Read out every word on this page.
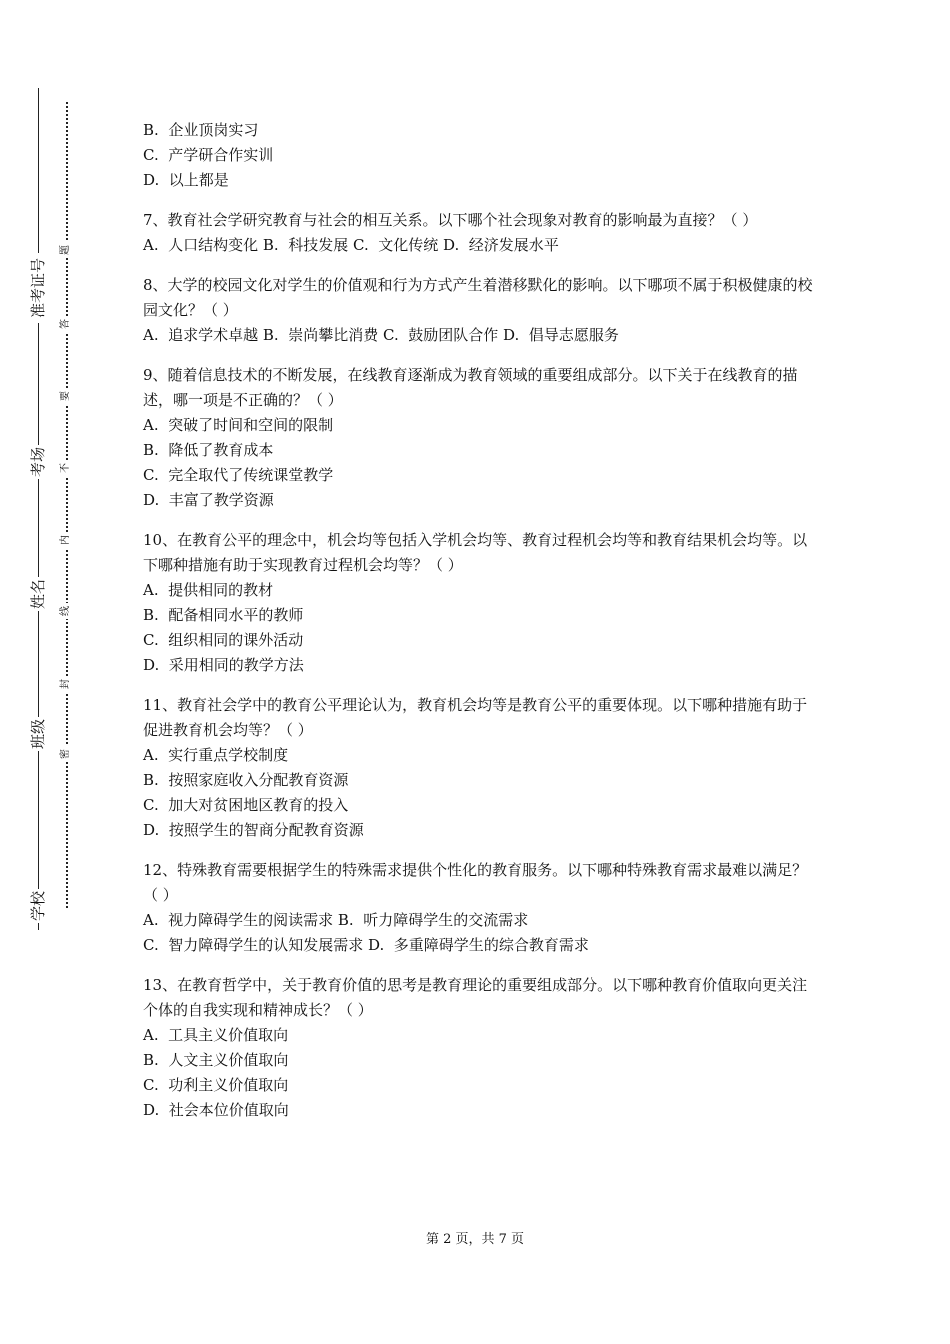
准考证号
考场
姓名
班级
学校
题
答
要
不
内
线
封
密

B.  企业顶岗实习

C.  产学研合作实训

D.  以上都是

7、教育社会学研究教育与社会的相互关系。以下哪个社会现象对教育的影响最为直接？（ ）

A.  人口结构变化 B.  科技发展 C.  文化传统 D.  经济发展水平

8、大学的校园文化对学生的价值观和行为方式产生着潜移默化的影响。以下哪项不属于积极健康的校园文化？（ ）

A.  追求学术卓越 B.  崇尚攀比消费 C.  鼓励团队合作 D.  倡导志愿服务

9、随着信息技术的不断发展，在线教育逐渐成为教育领域的重要组成部分。以下关于在线教育的描述，哪一项是不正确的？（ ）

A.  突破了时间和空间的限制

B.  降低了教育成本

C.  完全取代了传统课堂教学

D.  丰富了教学资源

10、在教育公平的理念中，机会均等包括入学机会均等、教育过程机会均等和教育结果机会均等。以下哪种措施有助于实现教育过程机会均等？（ ）

A.  提供相同的教材

B.  配备相同水平的教师

C.  组织相同的课外活动

D.  采用相同的教学方法

11、教育社会学中的教育公平理论认为，教育机会均等是教育公平的重要体现。以下哪种措施有助于促进教育机会均等？（ ）

A.  实行重点学校制度

B.  按照家庭收入分配教育资源

C.  加大对贫困地区教育的投入

D.  按照学生的智商分配教育资源

12、特殊教育需要根据学生的特殊需求提供个性化的教育服务。以下哪种特殊教育需求最难以满足？（ ）

A.  视力障碍学生的阅读需求 B.  听力障碍学生的交流需求

C.  智力障碍学生的认知发展需求 D.  多重障碍学生的综合教育需求

13、在教育哲学中，关于教育价值的思考是教育理论的重要组成部分。以下哪种教育价值取向更关注个体的自我实现和精神成长？（ ）

A.  工具主义价值取向

B.  人文主义价值取向

C.  功利主义价值取向

D.  社会本位价值取向

第 2 页，共 7 页
